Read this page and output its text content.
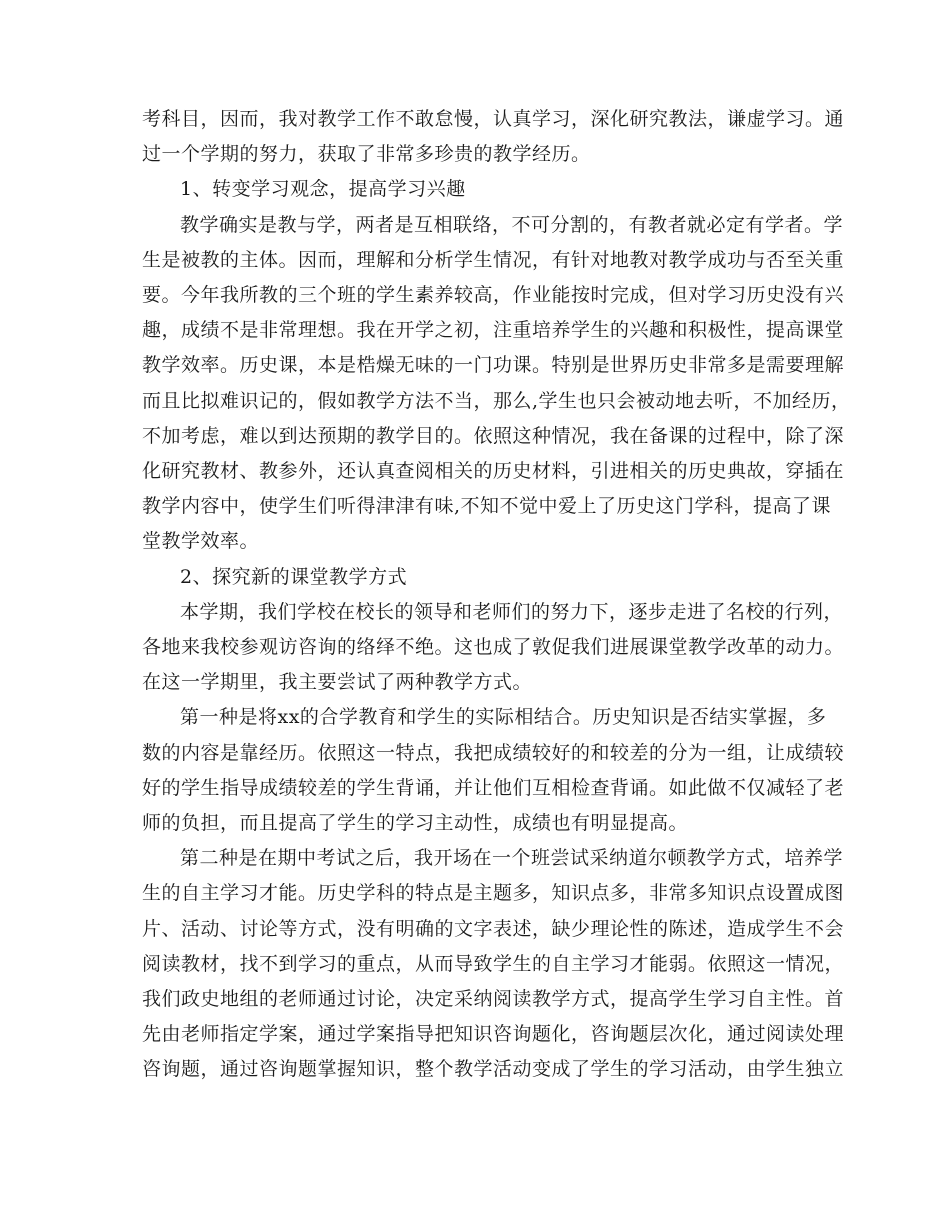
考科目，因而，我对教学工作不敢怠慢，认真学习，深化研究教法，谦虚学习。通
过一个学期的努力，获取了非常多珍贵的教学经历。
1、转变学习观念，提高学习兴趣
教学确实是教与学，两者是互相联络，不可分割的，有教者就必定有学者。学
生是被教的主体。因而，理解和分析学生情况，有针对地教对教学成功与否至关重
要。今年我所教的三个班的学生素养较高，作业能按时完成，但对学习历史没有兴
趣，成绩不是非常理想。我在开学之初，注重培养学生的兴趣和积极性，提高课堂
教学效率。历史课，本是梏燥无味的一门功课。特别是世界历史非常多是需要理解
而且比拟难识记的，假如教学方法不当，那么,学生也只会被动地去听，不加经历，
不加考虑，难以到达预期的教学目的。依照这种情况，我在备课的过程中，除了深
化研究教材、教参外，还认真查阅相关的历史材料，引进相关的历史典故，穿插在
教学内容中，使学生们听得津津有味,不知不觉中爱上了历史这门学科，提高了课
堂教学效率。
2、探究新的课堂教学方式
本学期，我们学校在校长的领导和老师们的努力下，逐步走进了名校的行列，
各地来我校参观访咨询的络绎不绝。这也成了敦促我们进展课堂教学改革的动力。
在这一学期里，我主要尝试了两种教学方式。
第一种是将xx的合学教育和学生的实际相结合。历史知识是否结实掌握，多
数的内容是靠经历。依照这一特点，我把成绩较好的和较差的分为一组，让成绩较
好的学生指导成绩较差的学生背诵，并让他们互相检查背诵。如此做不仅减轻了老
师的负担，而且提高了学生的学习主动性，成绩也有明显提高。
第二种是在期中考试之后，我开场在一个班尝试采纳道尔顿教学方式，培养学
生的自主学习才能。历史学科的特点是主题多，知识点多，非常多知识点设置成图
片、活动、讨论等方式，没有明确的文字表述，缺少理论性的陈述，造成学生不会
阅读教材，找不到学习的重点，从而导致学生的自主学习才能弱。依照这一情况，
我们政史地组的老师通过讨论，决定采纳阅读教学方式，提高学生学习自主性。首
先由老师指定学案，通过学案指导把知识咨询题化，咨询题层次化，通过阅读处理
咨询题，通过咨询题掌握知识，整个教学活动变成了学生的学习活动，由学生独立
